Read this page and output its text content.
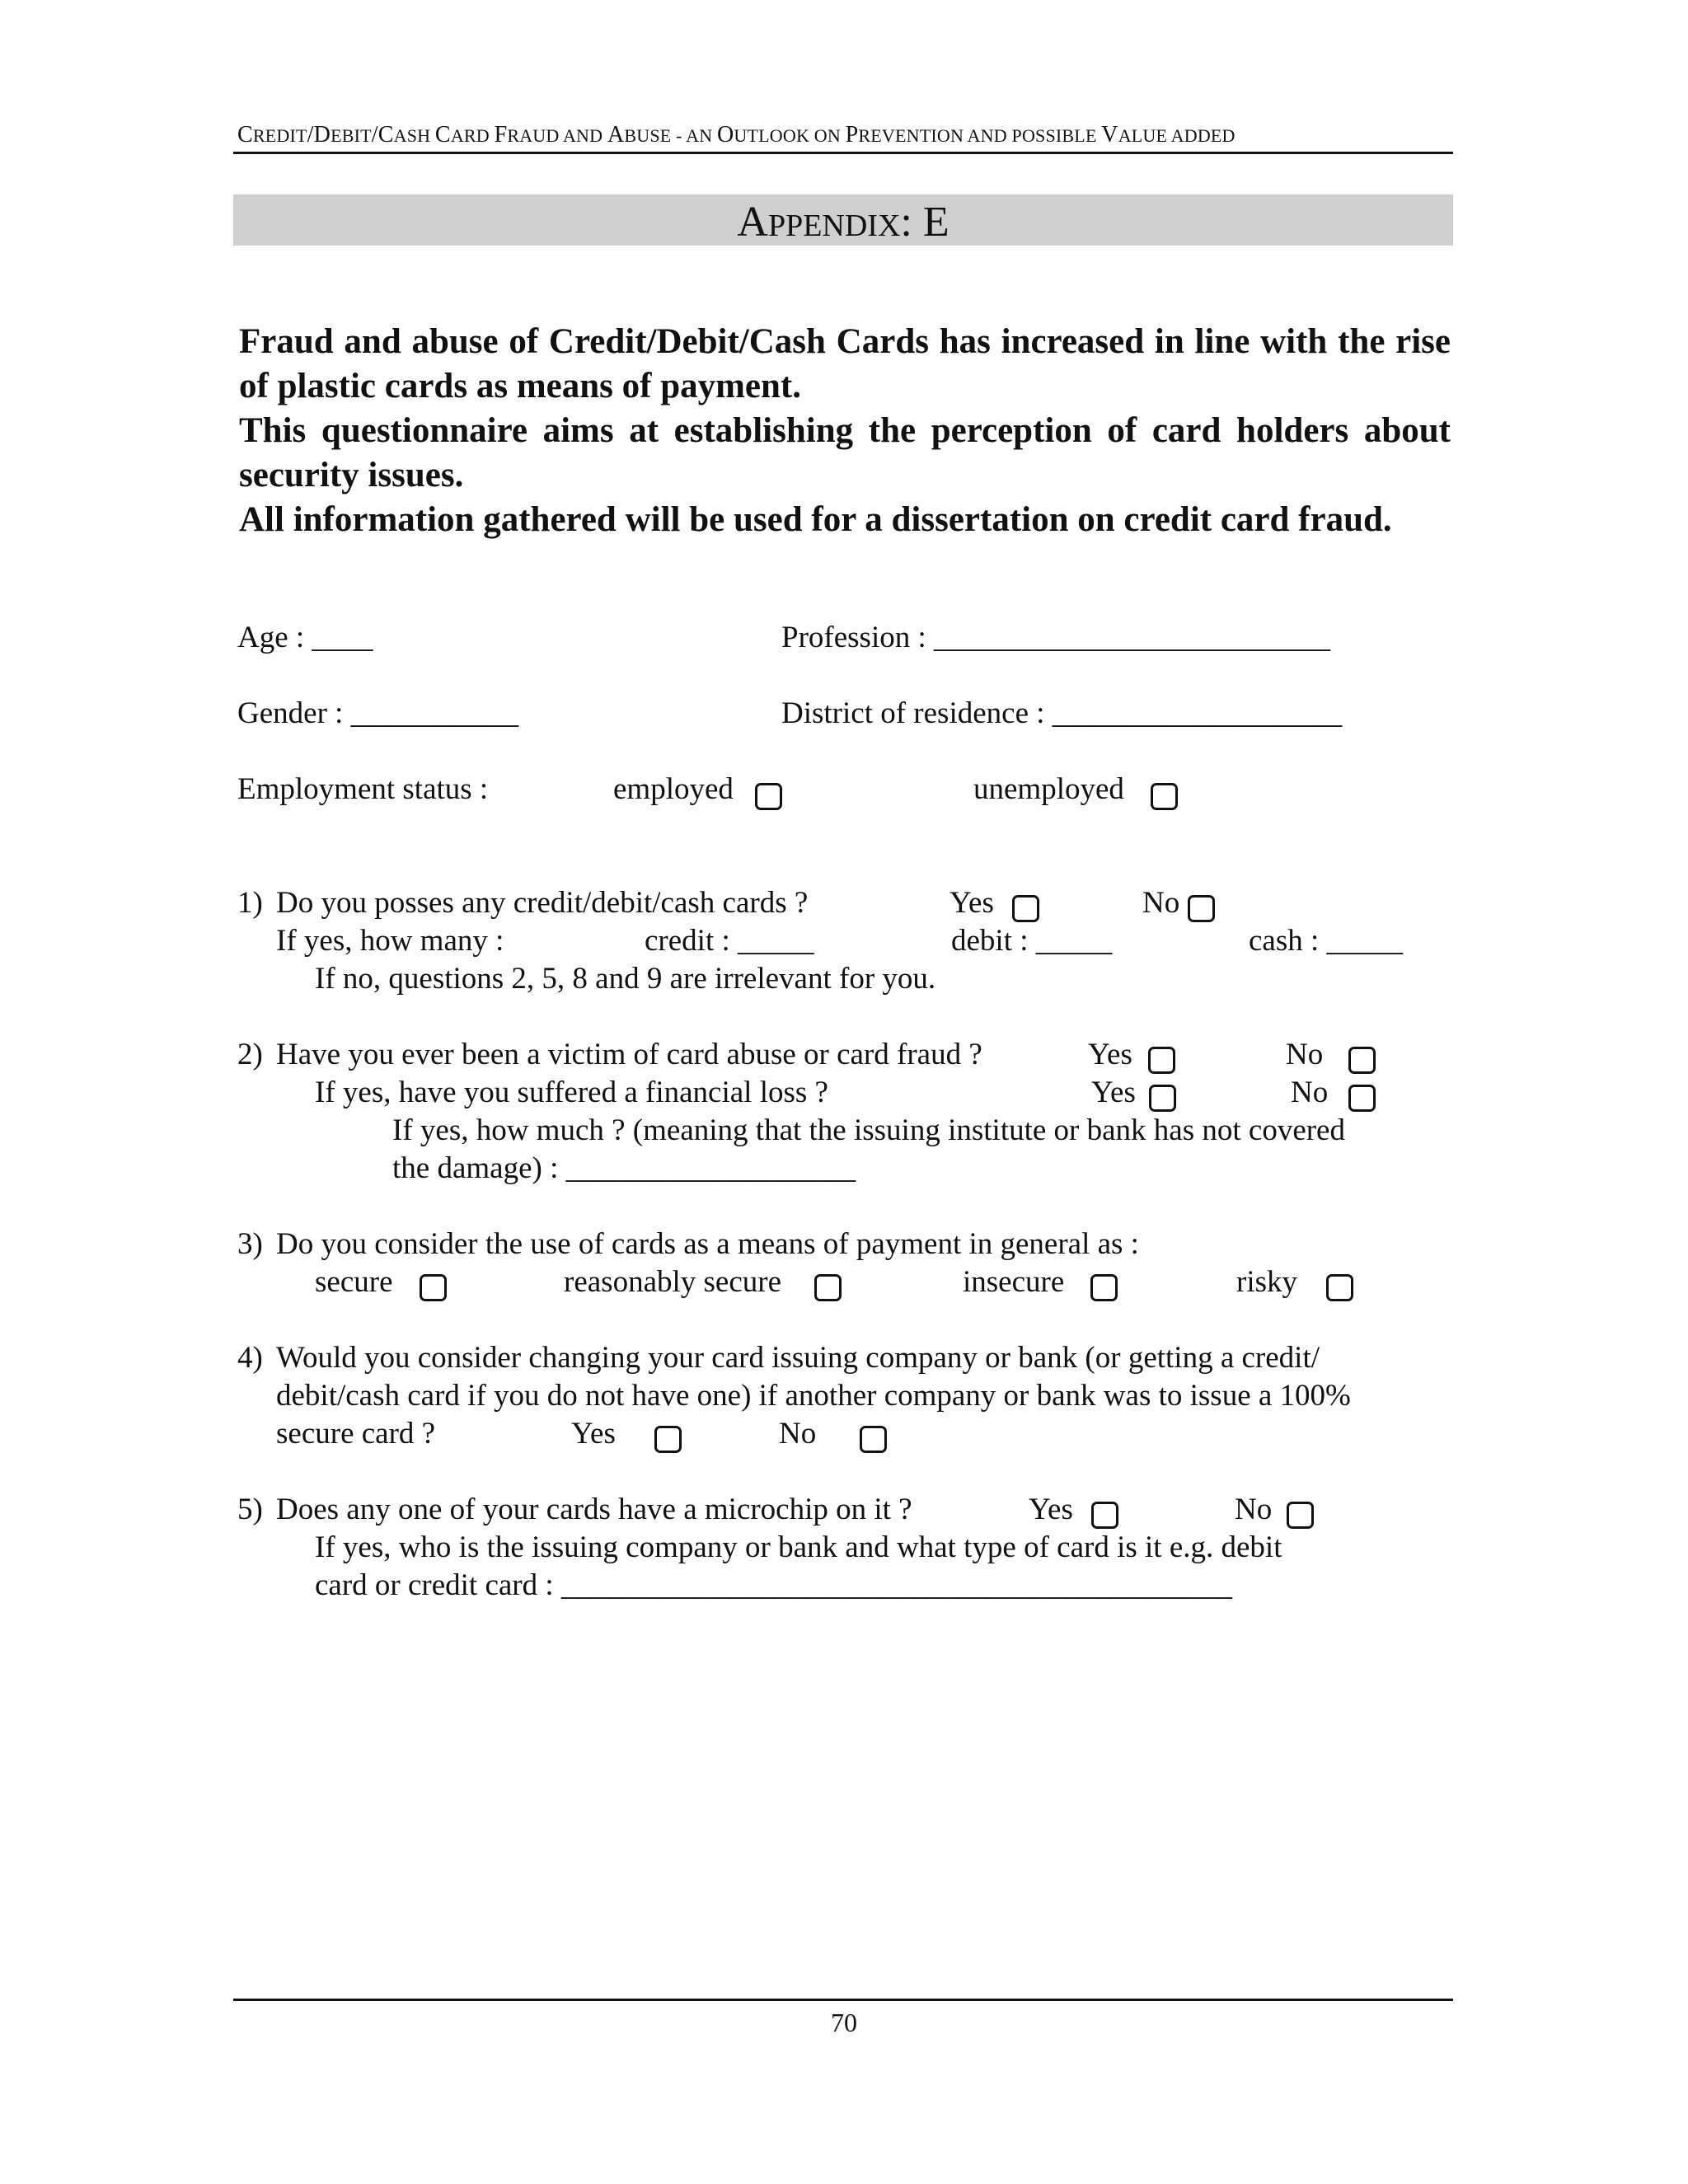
CREDIT/DEBIT/CASH CARD FRAUD AND ABUSE - AN OUTLOOK ON PREVENTION AND POSSIBLE VALUE ADDED
APPENDIX: E

Fraud and abuse of Credit/Debit/Cash Cards has increased in line with the rise of plastic cards as means of payment.

This questionnaire aims at establishing the perception of card holders about security issues.

All information gathered will be used for a dissertation on credit card fraud.

Age : ____	Profession : __________________________
Gender : ___________	District of residence : ___________________
Employment status :	employed	unemployed
1) Do you posses any credit/debit/cash cards ?	Yes	No
If yes, how many :	credit : _____	debit : _____	cash : _____
If no, questions 2, 5, 8 and 9 are irrelevant for you.
2) Have you ever been a victim of card abuse or card fraud ?	Yes	No
If yes, have you suffered a financial loss ?	Yes	No
If yes, how much ? (meaning that the issuing institute or bank has not covered
the damage) : ___________________
3) Do you consider the use of cards as a means of payment in general as :
secure	reasonably secure	insecure	risky
4) Would you consider changing your card issuing company or bank (or getting a credit/
debit/cash card if you do not have one) if another company or bank was to issue a 100%
secure card ?	Yes	No
5) Does any one of your cards have a microchip on it ?	Yes	No
If yes, who is the issuing company or bank and what type of card is it e.g. debit
card or credit card : ____________________________________________
70
